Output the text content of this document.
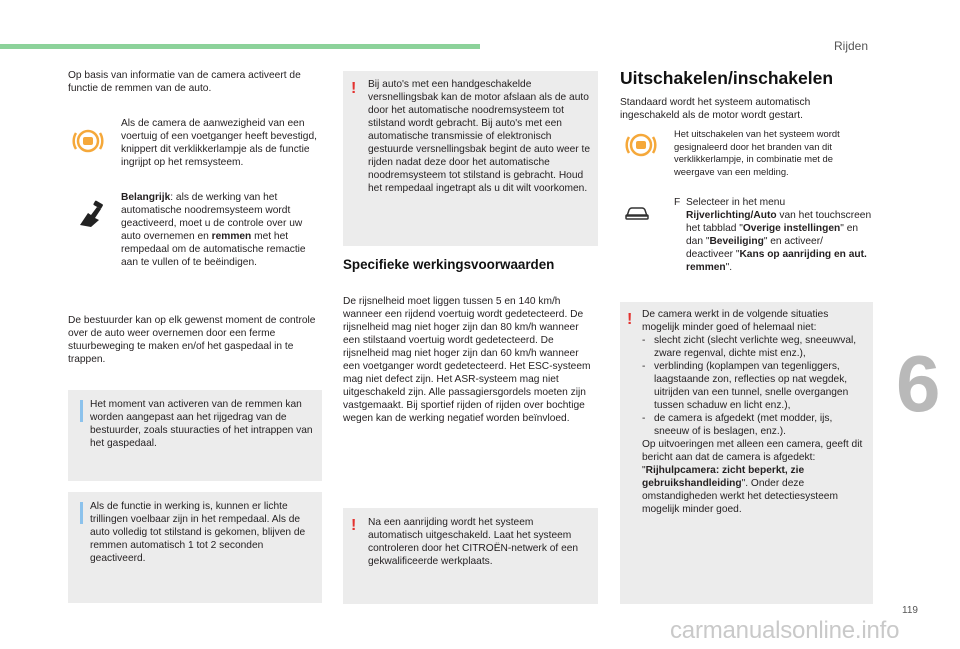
Rijden
119
6
carmanualsonline.info
Op basis van informatie van de camera activeert de functie de remmen van de auto.
Als de camera de aanwezigheid van een voertuig of een voetganger heeft bevestigd, knippert dit verklikkerlampje als de functie ingrijpt op het remsysteem.
Belangrijk: als de werking van het automatische noodremsysteem wordt geactiveerd, moet u de controle over uw auto overnemen en remmen met het rempedaal om de automatische remactie aan te vullen of te beëindigen.
De bestuurder kan op elk gewenst moment de controle over de auto weer overnemen door een ferme stuurbeweging te maken en/of het gaspedaal in te trappen.
Het moment van activeren van de remmen kan worden aangepast aan het rijgedrag van de bestuurder, zoals stuuracties of het intrappen van het gaspedaal.
Als de functie in werking is, kunnen er lichte trillingen voelbaar zijn in het rempedaal. Als de auto volledig tot stilstand is gekomen, blijven de remmen automatisch 1 tot 2 seconden geactiveerd.
! Bij auto's met een handgeschakelde versnellingsbak kan de motor afslaan als de auto door het automatische noodremsysteem tot stilstand wordt gebracht. Bij auto's met een automatische transmissie of elektronisch gestuurde versnellingsbak begint de auto weer te rijden nadat deze door het automatische noodremsysteem tot stilstand is gebracht. Houd het rempedaal ingetrapt als u dit wilt voorkomen.
Specifieke werkingsvoorwaarden
De rijsnelheid moet liggen tussen 5 en 140 km/h wanneer een rijdend voertuig wordt gedetecteerd. De rijsnelheid mag niet hoger zijn dan 80 km/h wanneer een stilstaand voertuig wordt gedetecteerd. De rijsnelheid mag niet hoger zijn dan 60 km/h wanneer een voetganger wordt gedetecteerd. Het ESC-systeem mag niet defect zijn. Het ASR-systeem mag niet uitgeschakeld zijn. Alle passagiersgordels moeten zijn vastgemaakt. Bij sportief rijden of rijden over bochtige wegen kan de werking negatief worden beïnvloed.
! Na een aanrijding wordt het systeem automatisch uitgeschakeld. Laat het systeem controleren door het CITROËN-netwerk of een gekwalificeerde werkplaats.
Uitschakelen/inschakelen
Standaard wordt het systeem automatisch ingeschakeld als de motor wordt gestart.
Het uitschakelen van het systeem wordt gesignaleerd door het branden van dit verklikkerlampje, in combinatie met de weergave van een melding.
F Selecteer in het menu Rijverlichting/Auto van het touchscreen het tabblad "Overige instellingen" en dan "Beveiliging" en activeer/ deactiveer "Kans op aanrijding en aut. remmen".
! De camera werkt in de volgende situaties mogelijk minder goed of helemaal niet:
- slecht zicht (slecht verlichte weg, sneeuwval, zware regenval, dichte mist enz.),
- verblinding (koplampen van tegenliggers, laagstaande zon, reflecties op nat wegdek, uitrijden van een tunnel, snelle overgangen tussen schaduw en licht enz.),
- de camera is afgedekt (met modder, ijs, sneeuw of is beslagen, enz.).
Op uitvoeringen met alleen een camera, geeft dit bericht aan dat de camera is afgedekt: "Rijhulpcamera: zicht beperkt, zie gebruikshandleiding". Onder deze omstandigheden werkt het detectiesysteem mogelijk minder goed.
